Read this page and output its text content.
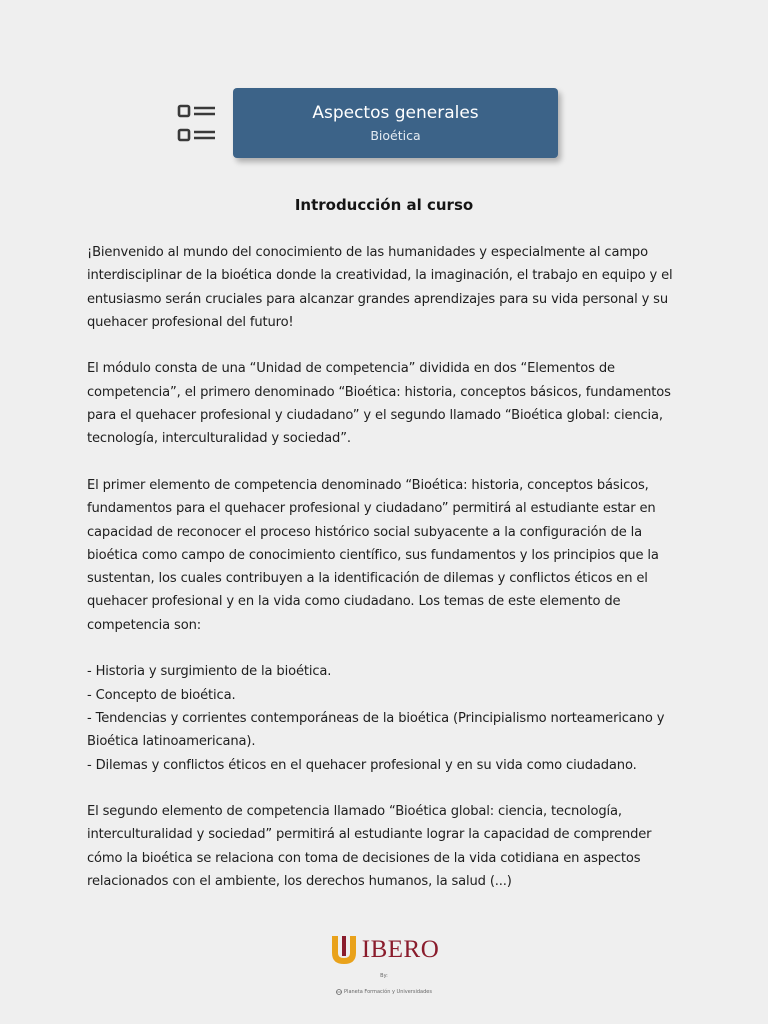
Aspectos generales
Bioética
Introducción al curso

¡Bienvenido al mundo del conocimiento de las humanidades y especialmente al campo interdisciplinar de la bioética donde la creatividad, la imaginación, el trabajo en equipo y el entusiasmo serán cruciales para alcanzar grandes aprendizajes para su vida personal y su quehacer profesional del futuro!

El módulo consta de una “Unidad de competencia” dividida en dos “Elementos de competencia”, el primero denominado “Bioética: historia, conceptos básicos, fundamentos para el quehacer profesional y ciudadano” y el segundo llamado “Bioética global: ciencia, tecnología, interculturalidad y sociedad”.

El primer elemento de competencia denominado “Bioética: historia, conceptos básicos, fundamentos para el quehacer profesional y ciudadano” permitirá al estudiante estar en capacidad de reconocer el proceso histórico social subyacente a la configuración de la bioética como campo de conocimiento científico, sus fundamentos y los principios que la sustentan, los cuales contribuyen a la identificación de dilemas y conflictos éticos en el quehacer profesional y en la vida como ciudadano. Los temas de este elemento de competencia son:

- Historia y surgimiento de la bioética.
- Concepto de bioética.
- Tendencias y corrientes contemporáneas de la bioética (Principialismo norteamericano y Bioética latinoamericana).
- Dilemas y conflictos éticos en el quehacer profesional y en su vida como ciudadano.

El segundo elemento de competencia llamado “Bioética global: ciencia, tecnología, interculturalidad y sociedad” permitirá al estudiante lograr la capacidad de comprender cómo la bioética se relaciona con toma de decisiones de la vida cotidiana en aspectos relacionados con el ambiente, los derechos humanos, la salud (...)

IBERO
By:
Planeta Formación y Universidades
